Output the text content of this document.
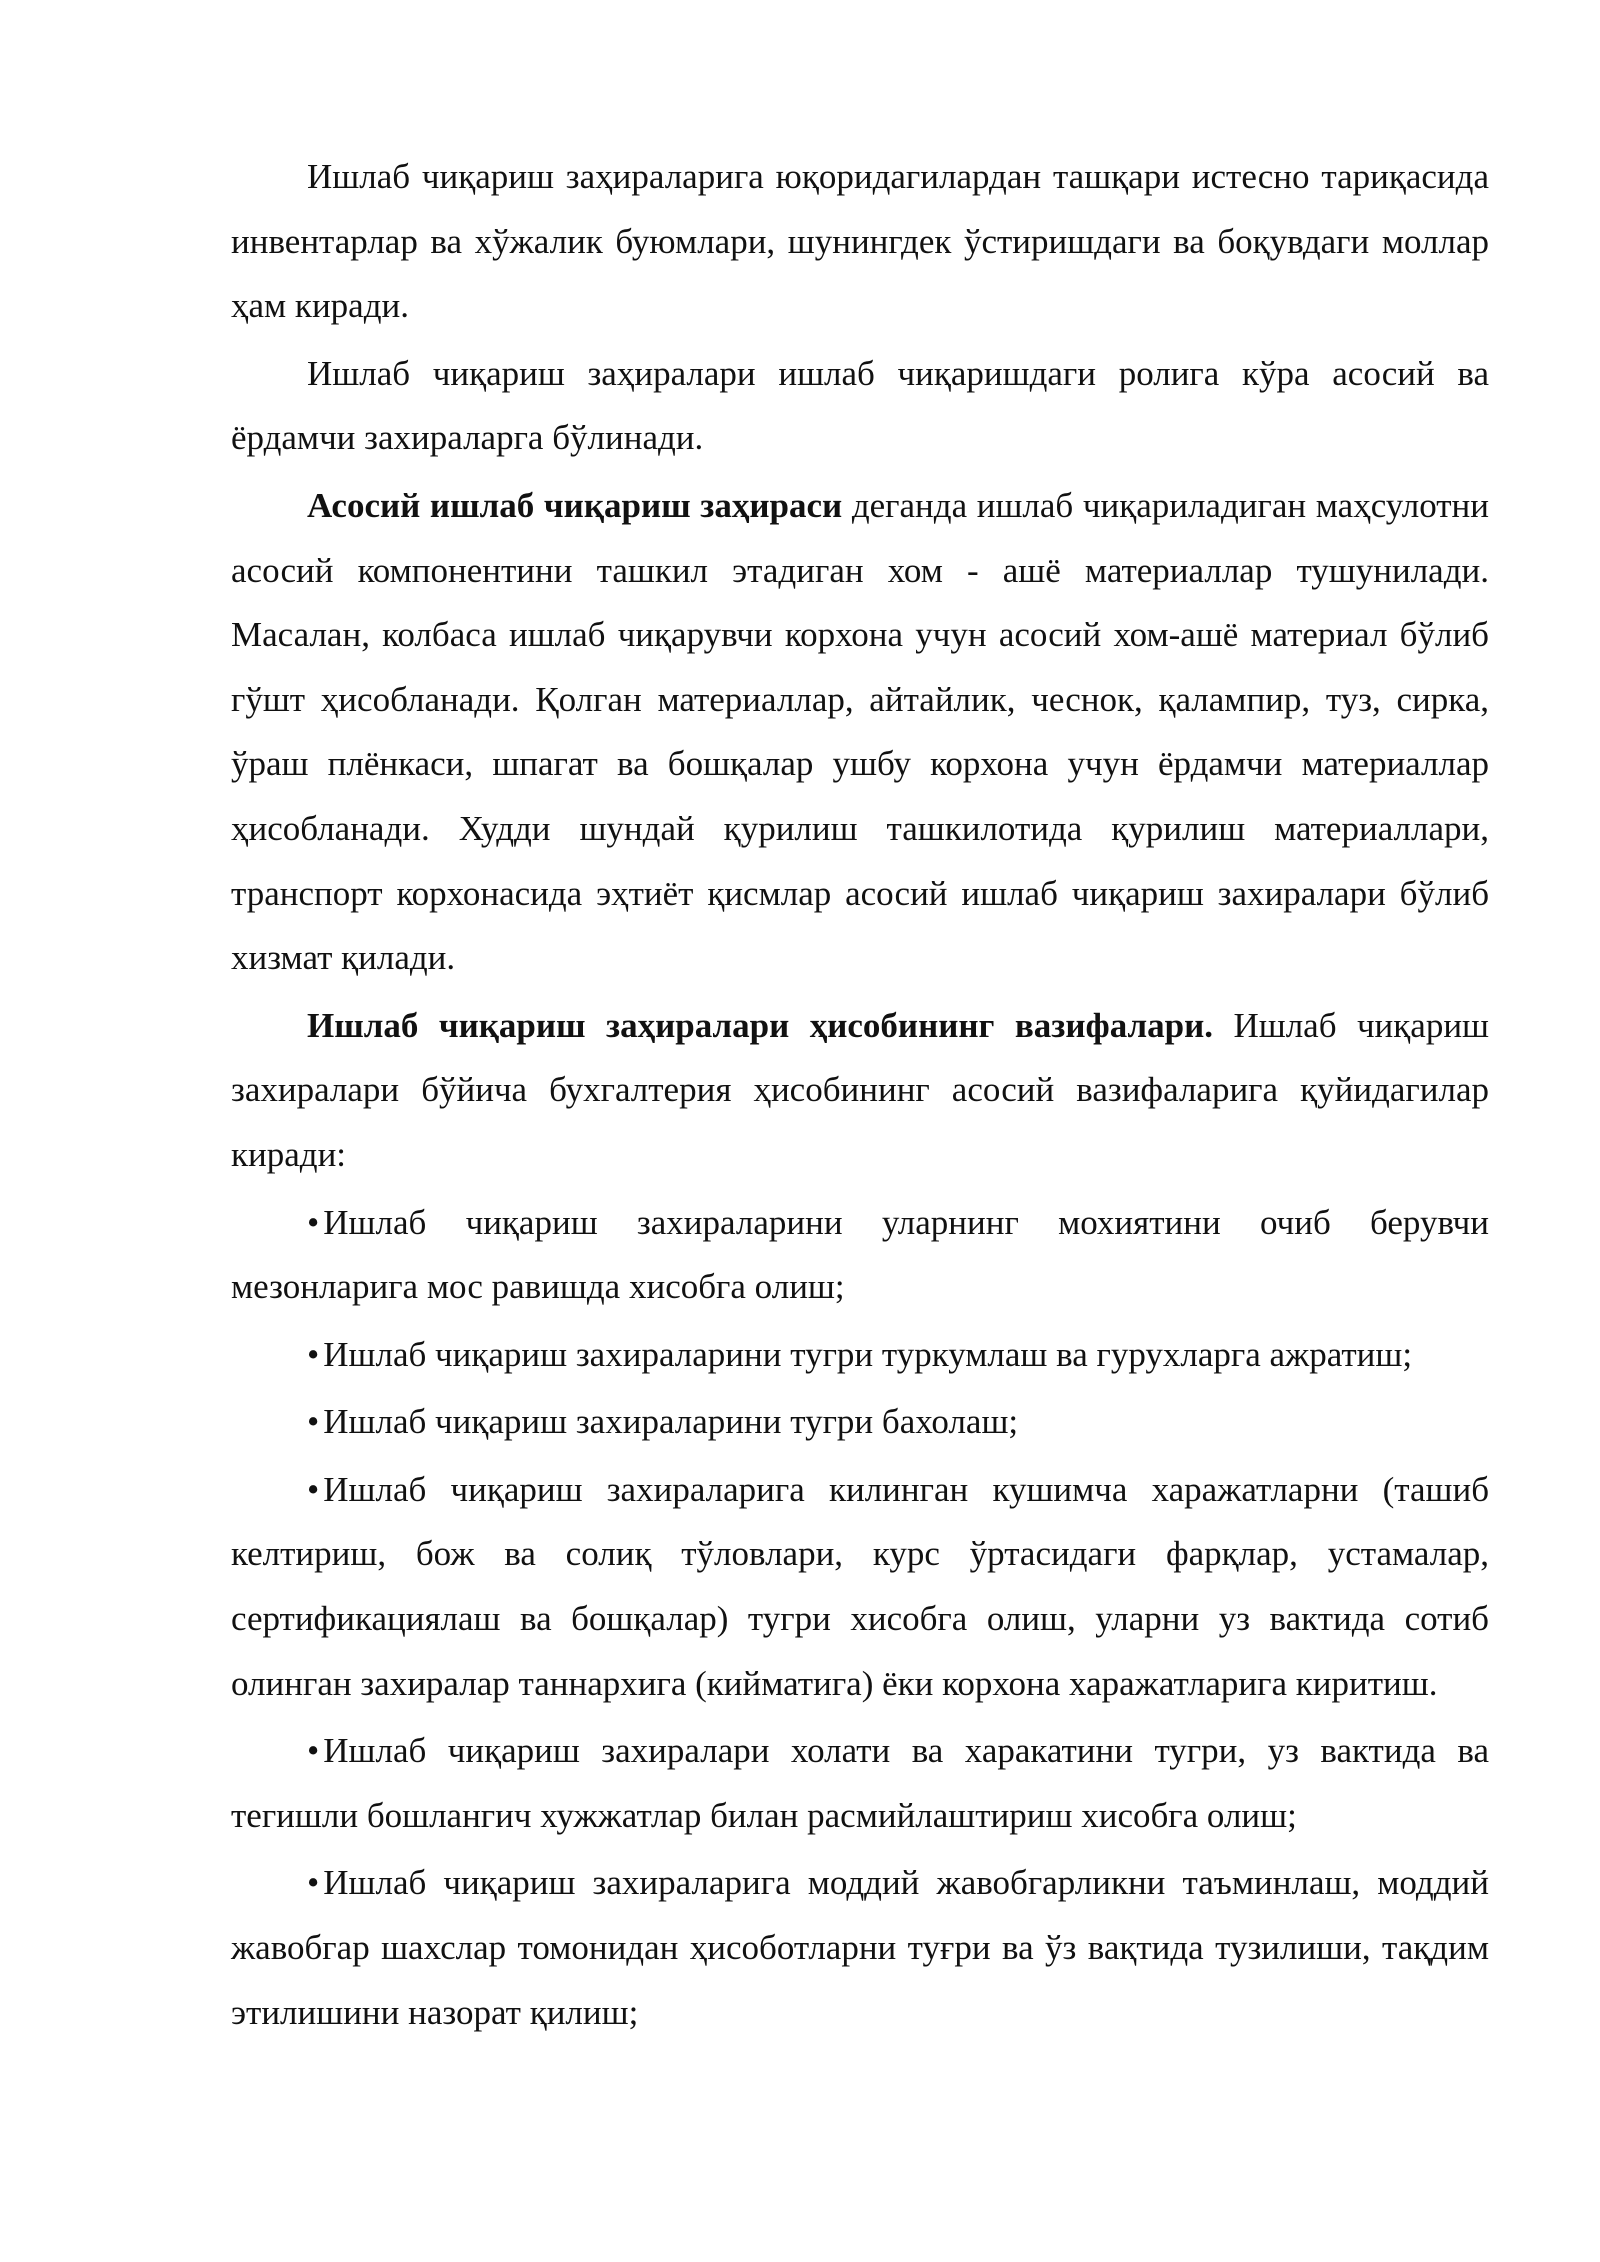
Ишлаб чиқариш заҳираларига юқоридагилардан ташқари истесно тариқасида инвентарлар ва хўжалик буюмлари, шунингдек ўстиришдаги ва боқувдаги моллар ҳам киради.

Ишлаб чиқариш заҳиралари ишлаб чиқаришдаги ролига кўра асосий ва ёрдамчи захираларга бўлинади.

Асосий ишлаб чиқариш заҳираси деганда ишлаб чиқариладиган маҳсулотни асосий компонентини ташкил этадиган хом - ашё материаллар тушунилади. Масалан, колбаса ишлаб чиқарувчи корхона учун асосий хом-ашё материал бўлиб гўшт ҳисобланади. Қолган материаллар, айтайлик, чеснок, қалампир, туз, сирка, ўраш плёнкаси, шпагат ва бошқалар ушбу корхона учун ёрдамчи материаллар ҳисобланади. Худди шундай қурилиш ташкилотида қурилиш материаллари, транспорт корхонасида эҳтиёт қисмлар асосий ишлаб чиқариш захиралари бўлиб хизмат қилади.

Ишлаб чиқариш заҳиралари ҳисобининг вазифалари. Ишлаб чиқариш захиралари бўйича бухгалтерия ҳисобининг асосий вазифаларига қуйидагилар киради:

• Ишлаб чиқариш захираларини уларнинг мохиятини очиб берувчи мезонларига мос равишда хисобга олиш;

• Ишлаб чиқариш захираларини тугри туркумлаш ва гурухларга ажратиш;

• Ишлаб чиқариш захираларини тугри бахолаш;

• Ишлаб чиқариш захираларига килинган кушимча харажатларни (ташиб келтириш, бож ва солиқ тўловлари, курс ўртасидаги фарқлар, устамалар, сертификациялаш ва бошқалар) тугри хисобга олиш, уларни уз вактида сотиб олинган захиралар таннархига (кийматига) ёки корхона харажатларига киритиш.

• Ишлаб чиқариш захиралари холати ва харакатини тугри, уз вактида ва тегишли бошлангич хужжатлар билан расмийлаштириш хисобга олиш;

• Ишлаб чиқариш захираларига моддий жавобгарликни таъминлаш, моддий жавобгар шахслар томонидан ҳисоботларни туғри ва ўз вақтида тузилиши, тақдим этилишини назорат қилиш;
